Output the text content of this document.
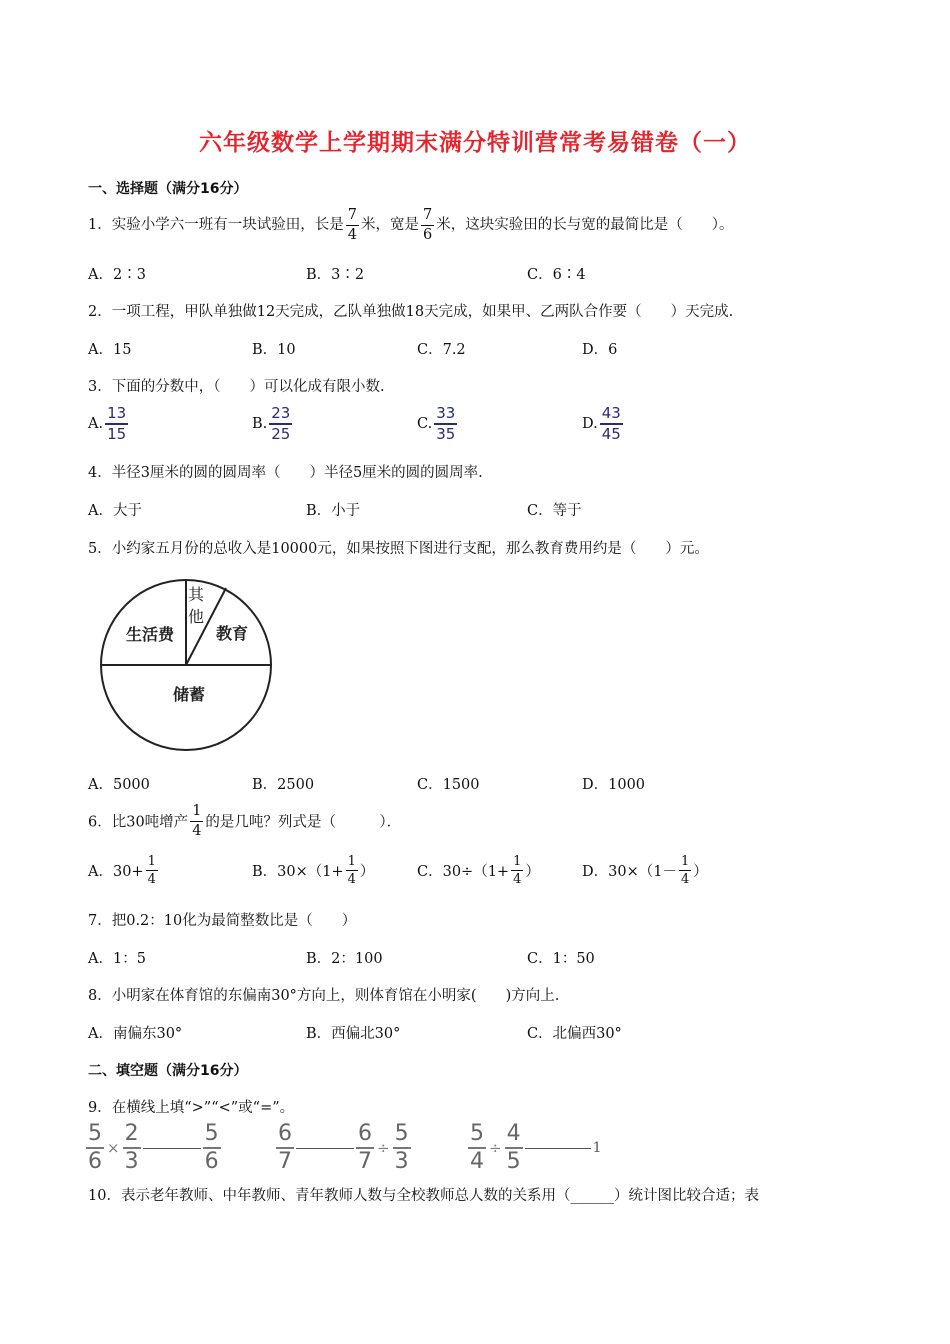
六年级数学上学期期末满分特训营常考易错卷（一）
一、选择题（满分16分）
1．实验小学六一班有一块试验田，长是 $\frac{7}{4}$ 米，宽是 $\frac{7}{6}$ 米，这块实验田的长与宽的最简比是（　　）。
A．2∶3	B．3∶2	C．6∶4
2．一项工程，甲队单独做12天完成，乙队单独做18天完成，如果甲、乙两队合作要（　　）天完成.
A．15	B．10	C．7.2	D．6
3．下面的分数中，（　　）可以化成有限小数.
A. $\frac{13}{15}$	B. $\frac{23}{25}$	C. $\frac{33}{35}$	D. $\frac{43}{45}$
4．半径3厘米的圆的圆周率（　　）半径5厘米的圆的圆周率.
A．大于	B．小于	C．等于
5．小约家五月份的总收入是10000元，如果按照下图进行支配，那么教育费用约是（　　）元。
生活费
其
他
教育
储蓄
A．5000	B．2500	C．1500	D．1000
6．比30吨增产 $\frac{1}{4}$ 的是几吨？列式是（　　　）．
A．$30+ \frac{1}{4}$	B．$30\times(1+ \frac{1}{4}$ ）	C．$30\div(1+ \frac{1}{4}$ ）	D．$30\times(1- \frac{1}{4}$ ）
7．把0.2：10化为最简整数比是（　　）
A．1：5	B．2：100	C．1：50
8．小明家在体育馆的东偏南30°方向上，则体育馆在小明家(　　)方向上.
A．南偏东30°	B．西偏北30°	C．北偏西30°
二、填空题（满分16分）
9．在横线上填“>”“<”或“=”。
$\frac{5}{6} \times \frac{2}{3}$	$\frac{5}{6}$	$\frac{6}{7}$	$\frac{6}{7} \div \frac{5}{3}$	$\frac{5}{4} \div \frac{4}{5}$	1
10．表示老年教师、中年教师、青年教师人数与全校教师总人数的关系用（______）统计图比较合适；表
